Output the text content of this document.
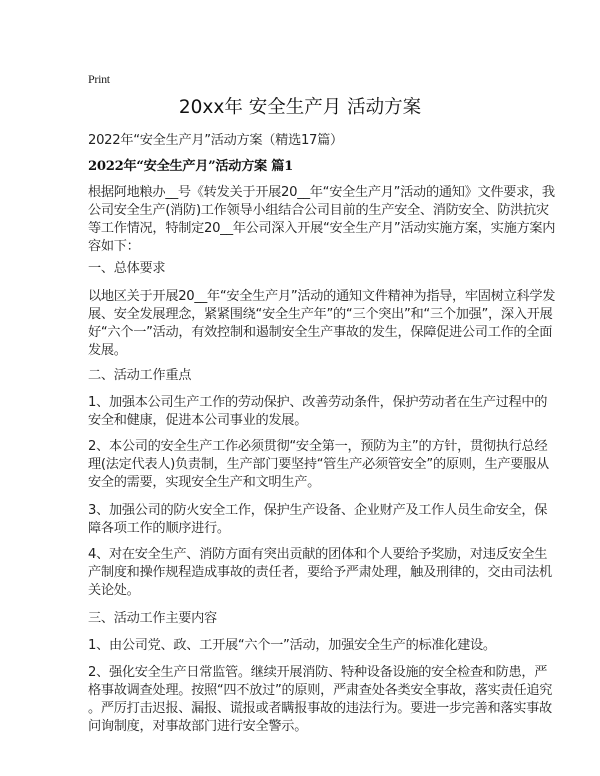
Print
20xx年 安全生产月 活动方案
2022年“安全生产月”活动方案（精选17篇）
2022年“安全生产月”活动方案 篇1
根据阿地粮办__号《转发关于开展20__年“安全生产月”活动的通知》文件要求，我
公司安全生产(消防)工作领导小组结合公司目前的生产安全、消防安全、防洪抗灾
等工作情况，特制定20__年公司深入开展“安全生产月”活动实施方案，实施方案内
容如下：
一、总体要求
以地区关于开展20__年“安全生产月”活动的通知文件精神为指导，牢固树立科学发
展、安全发展理念，紧紧围绕“安全生产年”的“三个突出”和“三个加强”，深入开展
好“六个一”活动，有效控制和遏制安全生产事故的发生，保障促进公司工作的全面
发展。
二、活动工作重点
1、加强本公司生产工作的劳动保护、改善劳动条件，保护劳动者在生产过程中的
安全和健康，促进本公司事业的发展。
2、本公司的安全生产工作必须贯彻“安全第一，预防为主”的方针，贯彻执行总经
理(法定代表人)负责制，生产部门要坚持“管生产必须管安全”的原则，生产要服从
安全的需要，实现安全生产和文明生产。
3、加强公司的防火安全工作，保护生产设备、企业财产及工作人员生命安全，保
障各项工作的顺序进行。
4、对在安全生产、消防方面有突出贡献的团体和个人要给予奖励，对违反安全生
产制度和操作规程造成事故的责任者，要给予严肃处理，触及刑律的，交由司法机
关论处。
三、活动工作主要内容
1、由公司党、政、工开展“六个一”活动，加强安全生产的标准化建设。
2、强化安全生产日常监管。继续开展消防、特种设备设施的安全检查和防患，严
格事故调查处理。按照“四不放过”的原则，严肃查处各类安全事故，落实责任追究
。严厉打击迟报、漏报、谎报或者瞒报事故的违法行为。要进一步完善和落实事故
问询制度，对事故部门进行安全警示。
